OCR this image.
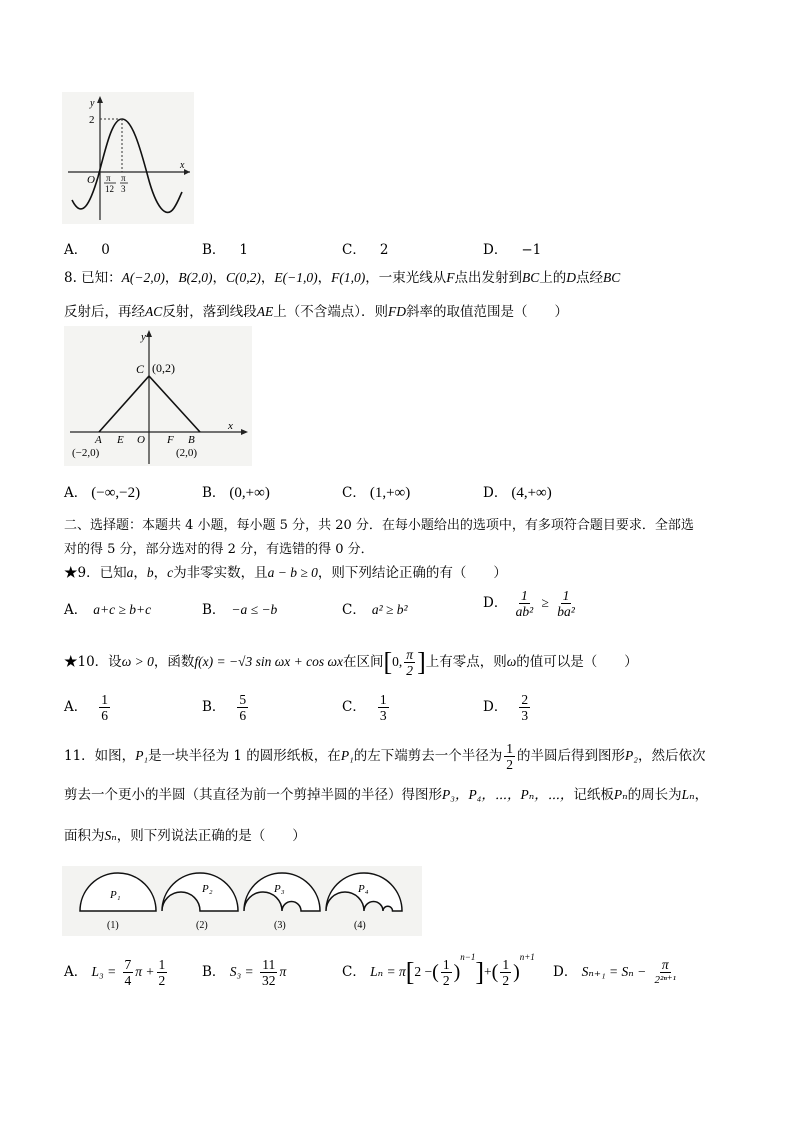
y
x
2
O π
12
π
3
A． 0	B． 1	C． 2	D． −1
8. 已知：A(−2,0)，B(2,0)，C(0,2)，E(−1,0)，F(1,0)，一束光线从F点出发射到BC上的D点经BC
反射后，再经AC反射，落到线段AE上（不含端点）．则FD斜率的取值范围是（　　）
y
x
C (0,2)
A E O F B
(−2,0)	(2,0)
A． (−∞,−2)	B． (0,+∞)	C． (1,+∞)	D． (4,+∞)
二、选择题：本题共 4 小题，每小题 5 分，共 20 分．在每小题给出的选项中，有多项符合题目要求．全部选
对的得 5 分，部分选对的得 2 分，有选错的得 0 分．
★9．已知a，b，c为非零实数，且a − b ≥ 0，则下列结论正确的有（　　）
A． a+c ≥ b+c	B． −a ≤ −b	C． a² ≥ b²	D． $\frac{1}{\text{ab²}} \ge \frac{1}{\text{ba²}}$
★10．设ω > 0，函数f(x) = −√3 sin ωx + cos ωx在区间[0, $\frac{\pi}{2}$ ]上有零点，则ω的值可以是（　　）
A． $\frac{1}{6}$	B． $\frac{5}{6}$	C． $\frac{1}{3}$	D． $\frac{2}{3}$
11．如图，P₁是一块半径为 1 的圆形纸板，在P₁的左下端剪去一个半径为 $\frac{1}{2}$ 的半圆后得到图形P₂，然后依次
剪去一个更小的半圆（其直径为前一个剪掉半圆的半径）得图形P₃，P₄，⋯，Pₙ，⋯，记纸板Pₙ的周长为Lₙ，
面积为Sₙ，则下列说法正确的是（　　）
P₁
(1)
P₂
(2)
P₃
(3)
P₄
(4)
A． $L_3 = \frac{7}{4}$ $\pi + \frac{1}{2}$	B． $S_3 = \frac{11}{32}$ π	C． Lₙ = π[2 −( $\frac{1}{2} )^{n-1}]+( \frac{1}{2} )^{n+1}$
D． $S_{n+1} = S_n - \frac{\pi}{\text{2²ⁿ⁺¹}}$
